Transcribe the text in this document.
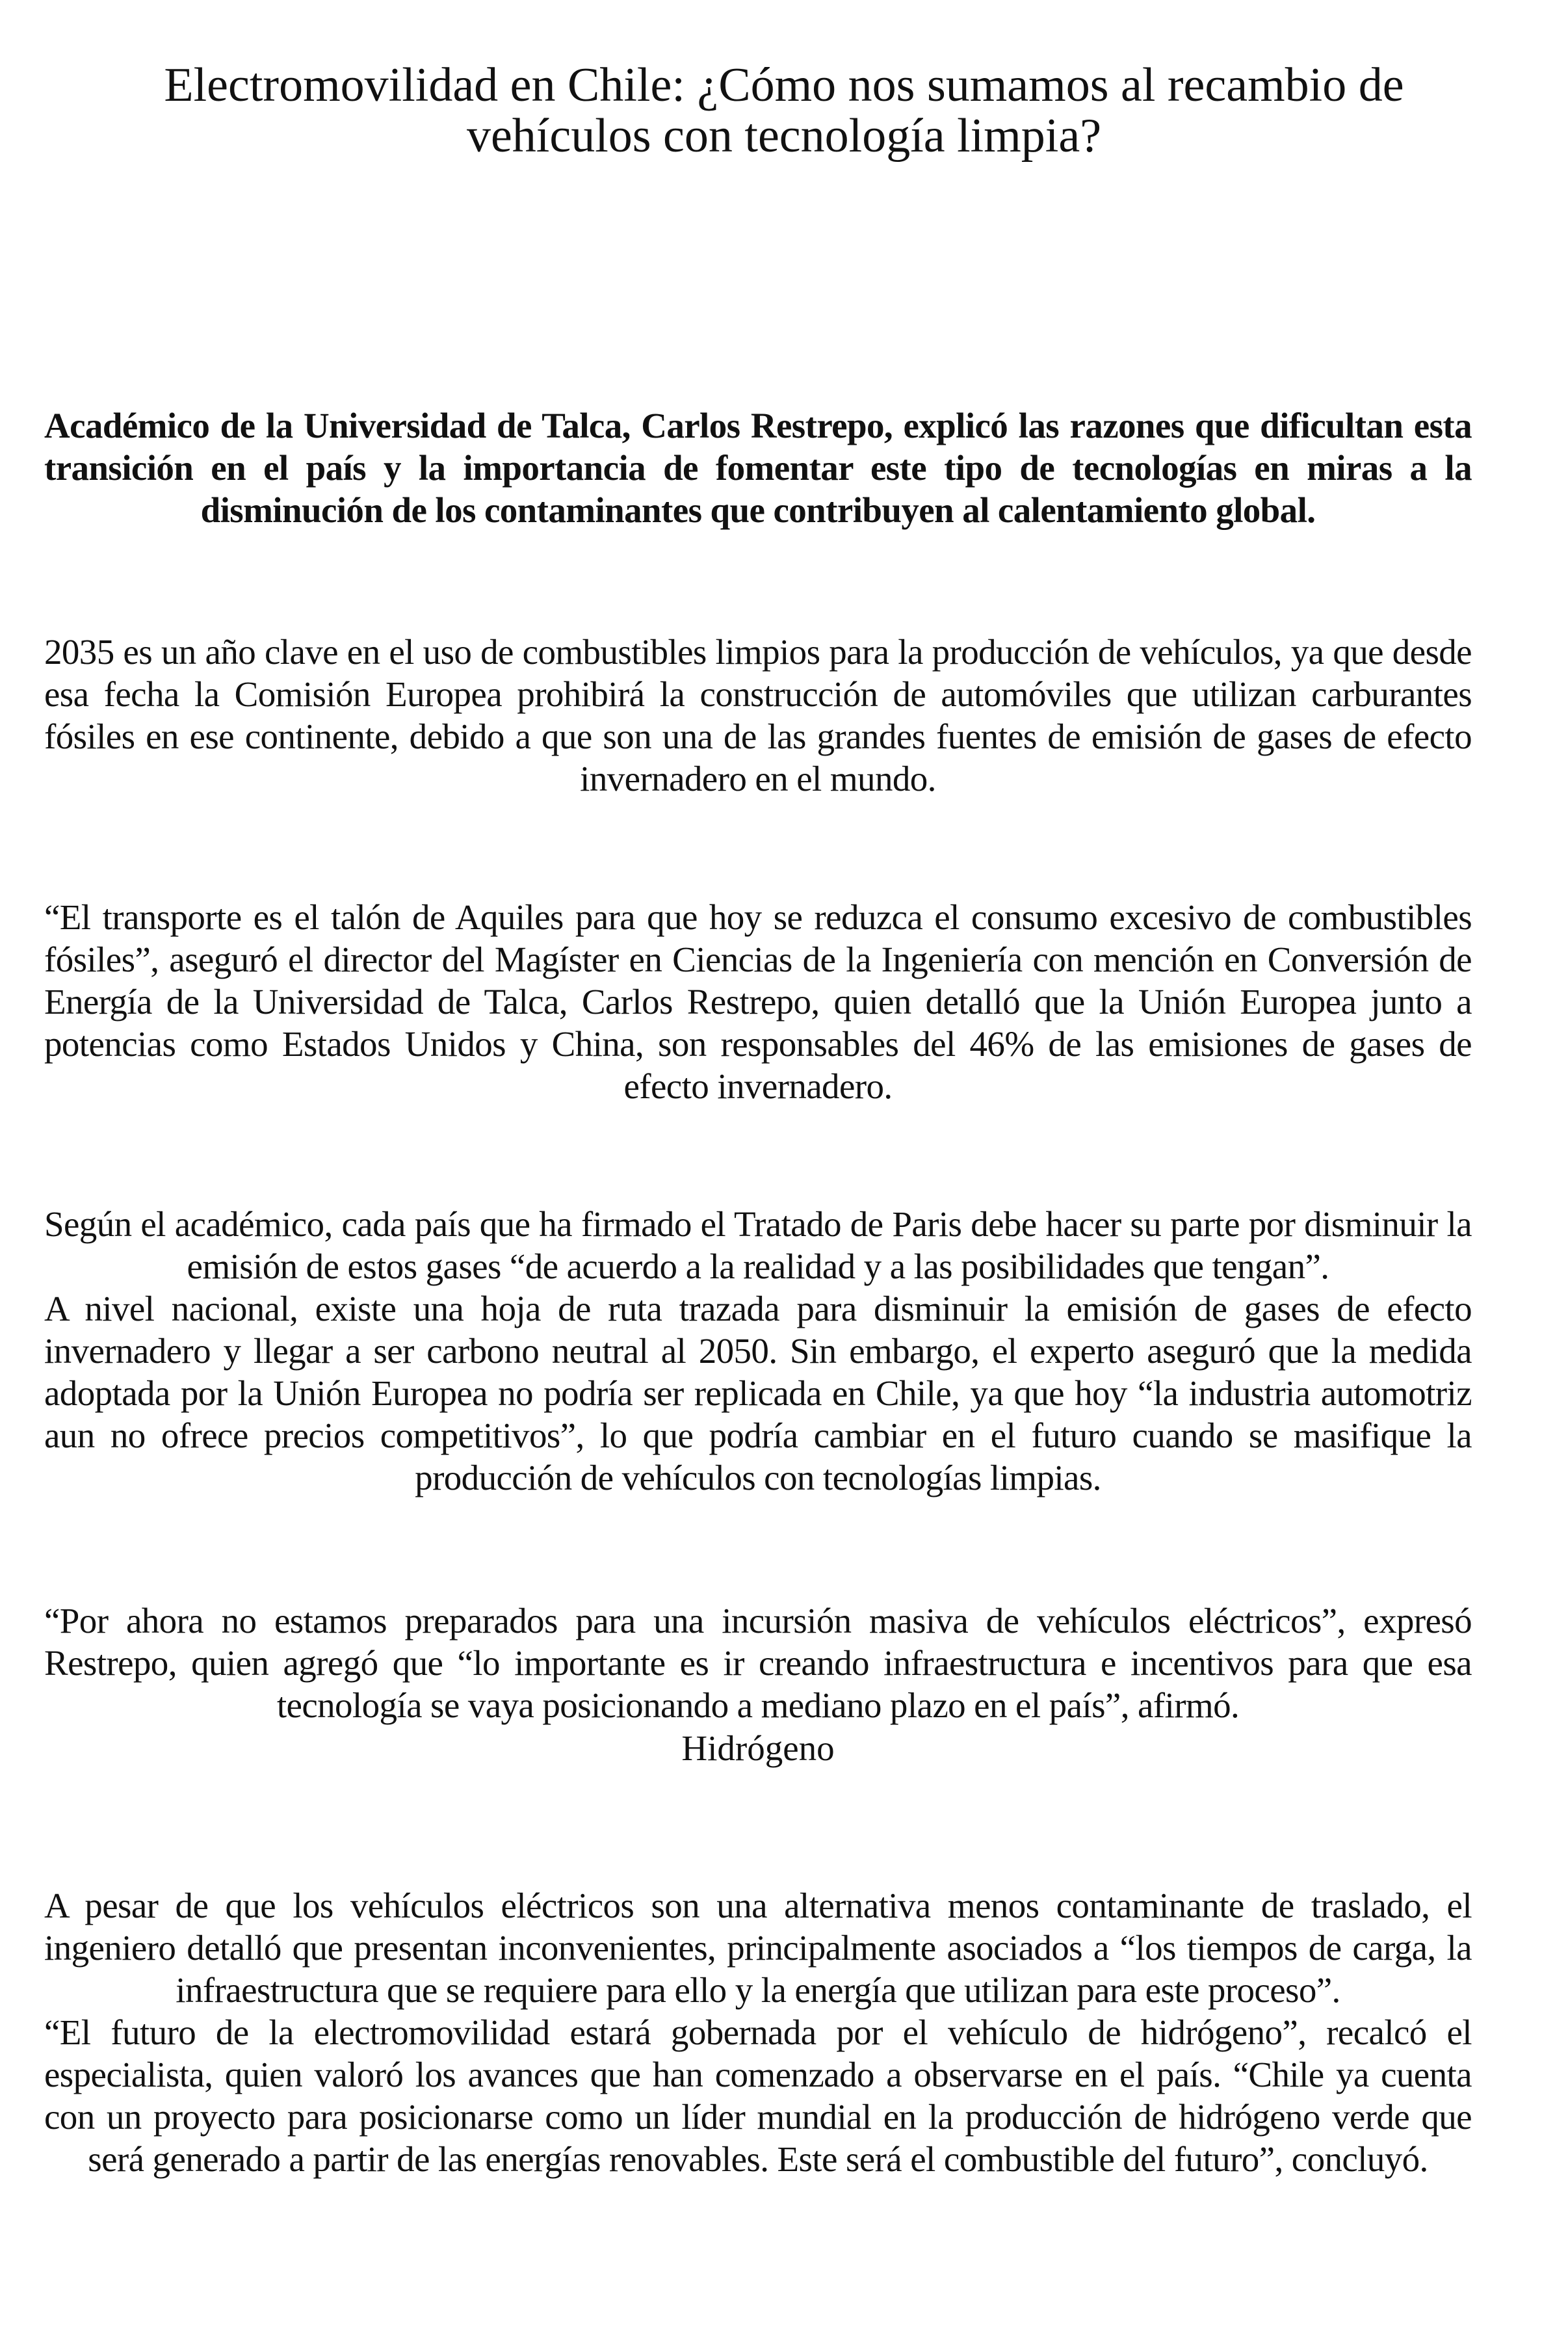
Electromovilidad en Chile: ¿Cómo nos sumamos al recambio de vehículos con tecnología limpia?

Académico de la Universidad de Talca, Carlos Restrepo, explicó las razones que dificultan esta transición en el país y la importancia de fomentar este tipo de tecnologías en miras a la disminución de los contaminantes que contribuyen al calentamiento global.

2035 es un año clave en el uso de combustibles limpios para la producción de vehículos, ya que desde esa fecha la Comisión Europea prohibirá la construcción de automóviles que utilizan carburantes fósiles en ese continente, debido a que son una de las grandes fuentes de emisión de gases de efecto invernadero en el mundo.

“El transporte es el talón de Aquiles para que hoy se reduzca el consumo excesivo de combustibles fósiles”, aseguró el director del Magíster en Ciencias de la Ingeniería con mención en Conversión de Energía de la Universidad de Talca, Carlos Restrepo, quien detalló que la Unión Europea junto a potencias como Estados Unidos y China, son responsables del 46% de las emisiones de gases de efecto invernadero.

Según el académico, cada país que ha firmado el Tratado de Paris debe hacer su parte por disminuir la emisión de estos gases “de acuerdo a la realidad y a las posibilidades que tengan”.

A nivel nacional, existe una hoja de ruta trazada para disminuir la emisión de gases de efecto invernadero y llegar a ser carbono neutral al 2050. Sin embargo, el experto aseguró que la medida adoptada por la Unión Europea no podría ser replicada en Chile, ya que hoy “la industria automotriz aun no ofrece precios competitivos”, lo que podría cambiar en el futuro cuando se masifique la producción de vehículos con tecnologías limpias.

“Por ahora no estamos preparados para una incursión masiva de vehículos eléctricos”, expresó Restrepo, quien agregó que “lo importante es ir creando infraestructura e incentivos para que esa tecnología se vaya posicionando a mediano plazo en el país”, afirmó.

Hidrógeno

A pesar de que los vehículos eléctricos son una alternativa menos contaminante de traslado, el ingeniero detalló que presentan inconvenientes, principalmente asociados a “los tiempos de carga, la infraestructura que se requiere para ello y la energía que utilizan para este proceso”.

“El futuro de la electromovilidad estará gobernada por el vehículo de hidrógeno”, recalcó el especialista, quien valoró los avances que han comenzado a observarse en el país. “Chile ya cuenta con un proyecto para posicionarse como un líder mundial en la producción de hidrógeno verde que será generado a partir de las energías renovables. Este será el combustible del futuro”, concluyó.
